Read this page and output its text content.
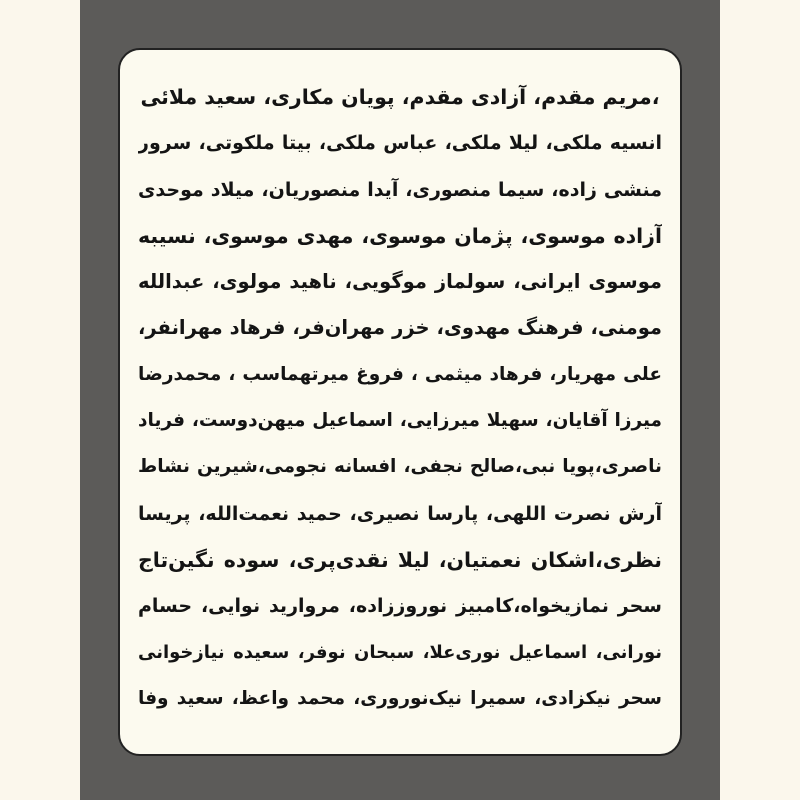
،مریم مقدم، آزادی مقدم، پویان مکاری، سعید ملائی
انسیه ملکی، لیلا ملکی، عباس ملکی، بیتا ملکوتی، سرور
منشی زاده، سیما منصوری، آیدا منصوریان، میلاد موحدی
آزاده موسوی، پژمان موسوی، مهدی موسوی، نسیبه
موسوی ایرانی، سولماز موگویی، ناهید مولوی، عبدالله
مومنی، فرهنگ مهدوی، خزر مهران‌فر، فرهاد مهرانفر،
علی مهریار، فرهاد میثمی ، فروغ میرتهماسب ، محمدرضا
میرزا آقایان، سهیلا میرزایی، اسماعیل میهن‌دوست، فریاد
ناصری،پویا نبی،صالح نجفی، افسانه نجومی،شیرین نشاط
آرش نصرت اللهی، پارسا نصیری، حمید نعمت‌الله، پریسا
نظری،اشکان نعمتیان، لیلا نقدی‌پری، سوده نگین‌تاج
سحر نمازیخواه،کامبیز نوروززاده، مروارید نوایی، حسام
نورانی، اسماعیل نوری‌علا، سبحان نوفر، سعیده نیازخوانی
سحر نیکزادی، سمیرا نیک‌نوروری، محمد واعظ، سعید وفا
